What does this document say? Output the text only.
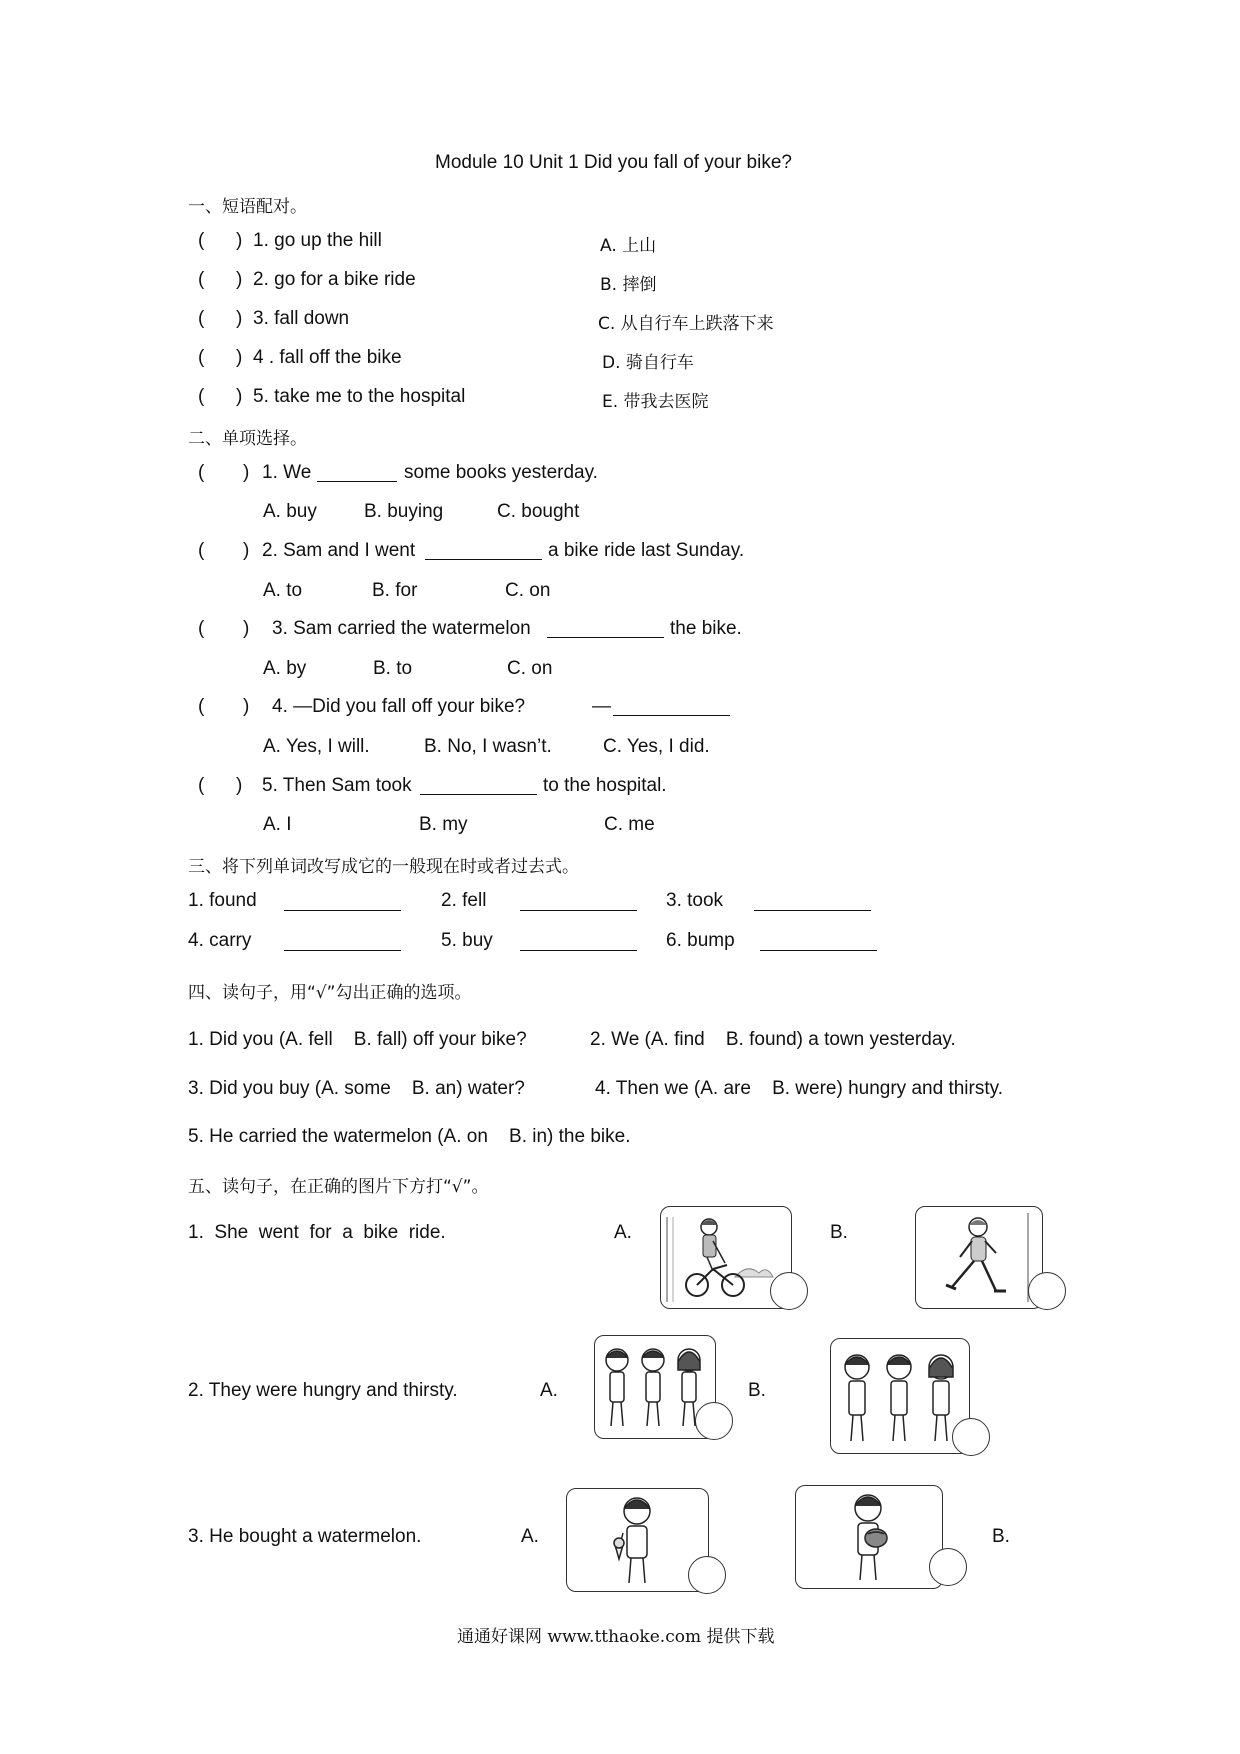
Module 10 Unit 1 Did you fall of your bike?
一、短语配对。
( ) 1. go up the hill	A. 上山
( ) 2. go for a bike ride	B. 摔倒
( ) 3. fall down	C. 从自行车上跌落下来
( ) 4 . fall off the bike	D. 骑自行车
( ) 5. take me to the hospital	E. 带我去医院
二、单项选择。
( ) 1. We	some books yesterday.
A. buy B. buying	C. bought
( ) 2. Sam and I went	a bike ride last Sunday.
A. to	B. for	C. on
( ) 3. Sam carried the watermelon	the bike.
A. by	B. to	C. on
( ) 4. —Did you fall off your bike?	—
A. Yes, I will.	B. No, I wasn’t.	C. Yes, I did.
( ) 5. Then Sam took	to the hospital.
A. I	B. my	C. me
三、将下列单词改写成它的一般现在时或者过去式。
1. found	2. fell	3. took
4. carry	5. buy	6. bump
四、读句子，用“√”勾出正确的选项。
1. Did you (A. fell    B. fall) off your bike?	2. We (A. find    B. found) a town yesterday.
3. Did you buy (A. some    B. an) water?	4. Then we (A. are    B. were) hungry and thirsty.
5. He carried the watermelon (A. on    B. in) the bike.
五、读句子，在正确的图片下方打“√”。
1.  She  went  for  a  bike  ride.	A.	B.
2. They were hungry and thirsty.	A.	B.
3. He bought a watermelon.	A.	B.
通通好课网 www.tthaoke.com 提供下载
